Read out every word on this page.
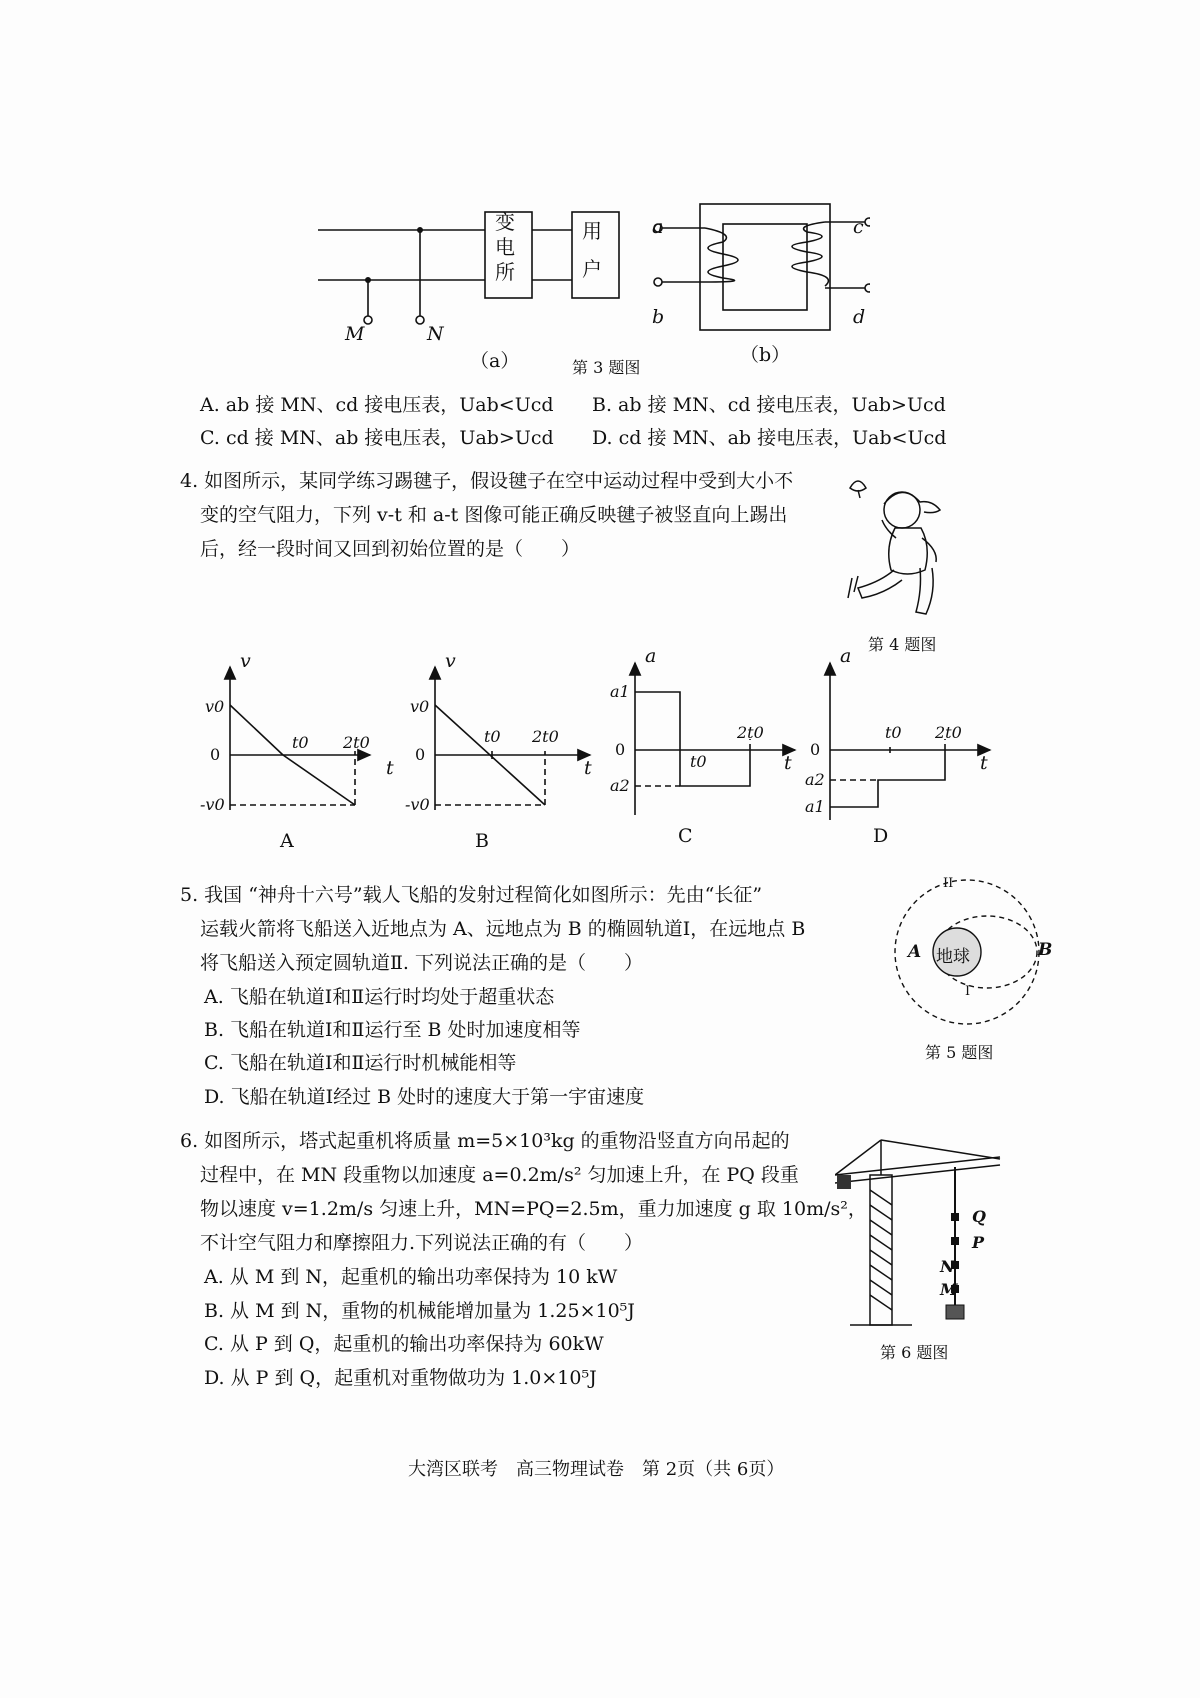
变电所
用户
M	N
（a）
a
b
c
d
（b）
第 3 题图
A. ab 接 MN、cd 接电压表，Uab<Ucd B. ab 接 MN、cd 接电压表，Uab>Ucd
C. cd 接 MN、ab 接电压表，Uab>Ucd D. cd 接 MN、ab 接电压表，Uab<Ucd
4. 如图所示，某同学练习踢毽子，假设毽子在空中运动过程中受到大小不
变的空气阻力，下列 v-t 和 a-t 图像可能正确反映毽子被竖直向上踢出
后，经一段时间又回到初始位置的是（　　）
第 4 题图
v
t
v0
0
-v0
t0 2t0
A
v
t
v0
0
-v0
t0 2t0
B
a
t
a1
0
a2
t0
2t0
C
a
t
0
a2
a1
t0 2t0
D
5. 我国 “神舟十六号”载人飞船的发射过程简化如图所示：先由“长征”
运载火箭将飞船送入近地点为 A、远地点为 B 的椭圆轨道Ⅰ，在远地点 B
将飞船送入预定圆轨道Ⅱ. 下列说法正确的是（　　）
A. 飞船在轨道Ⅰ和Ⅱ运行时均处于超重状态
B. 飞船在轨道Ⅰ和Ⅱ运行至 B 处时加速度相等
C. 飞船在轨道Ⅰ和Ⅱ运行时机械能相等
D. 飞船在轨道Ⅰ经过 B 处时的速度大于第一宇宙速度
地球
II
I
A	B
第 5 题图
6. 如图所示，塔式起重机将质量 m=5×10³kg 的重物沿竖直方向吊起的
过程中，在 MN 段重物以加速度 a=0.2m/s² 匀加速上升，在 PQ 段重
物以速度 v=1.2m/s 匀速上升，MN=PQ=2.5m，重力加速度 g 取 10m/s²，
不计空气阻力和摩擦阻力.下列说法正确的有（　　）
A. 从 M 到 N，起重机的输出功率保持为 10 kW
B. 从 M 到 N，重物的机械能增加量为 1.25×10⁵J
C. 从 P 到 Q，起重机的输出功率保持为 60kW
D. 从 P 到 Q，起重机对重物做功为 1.0×10⁵J
Q
P
N
M
第 6 题图
大湾区联考　高三物理试卷　第 2页（共 6页）
